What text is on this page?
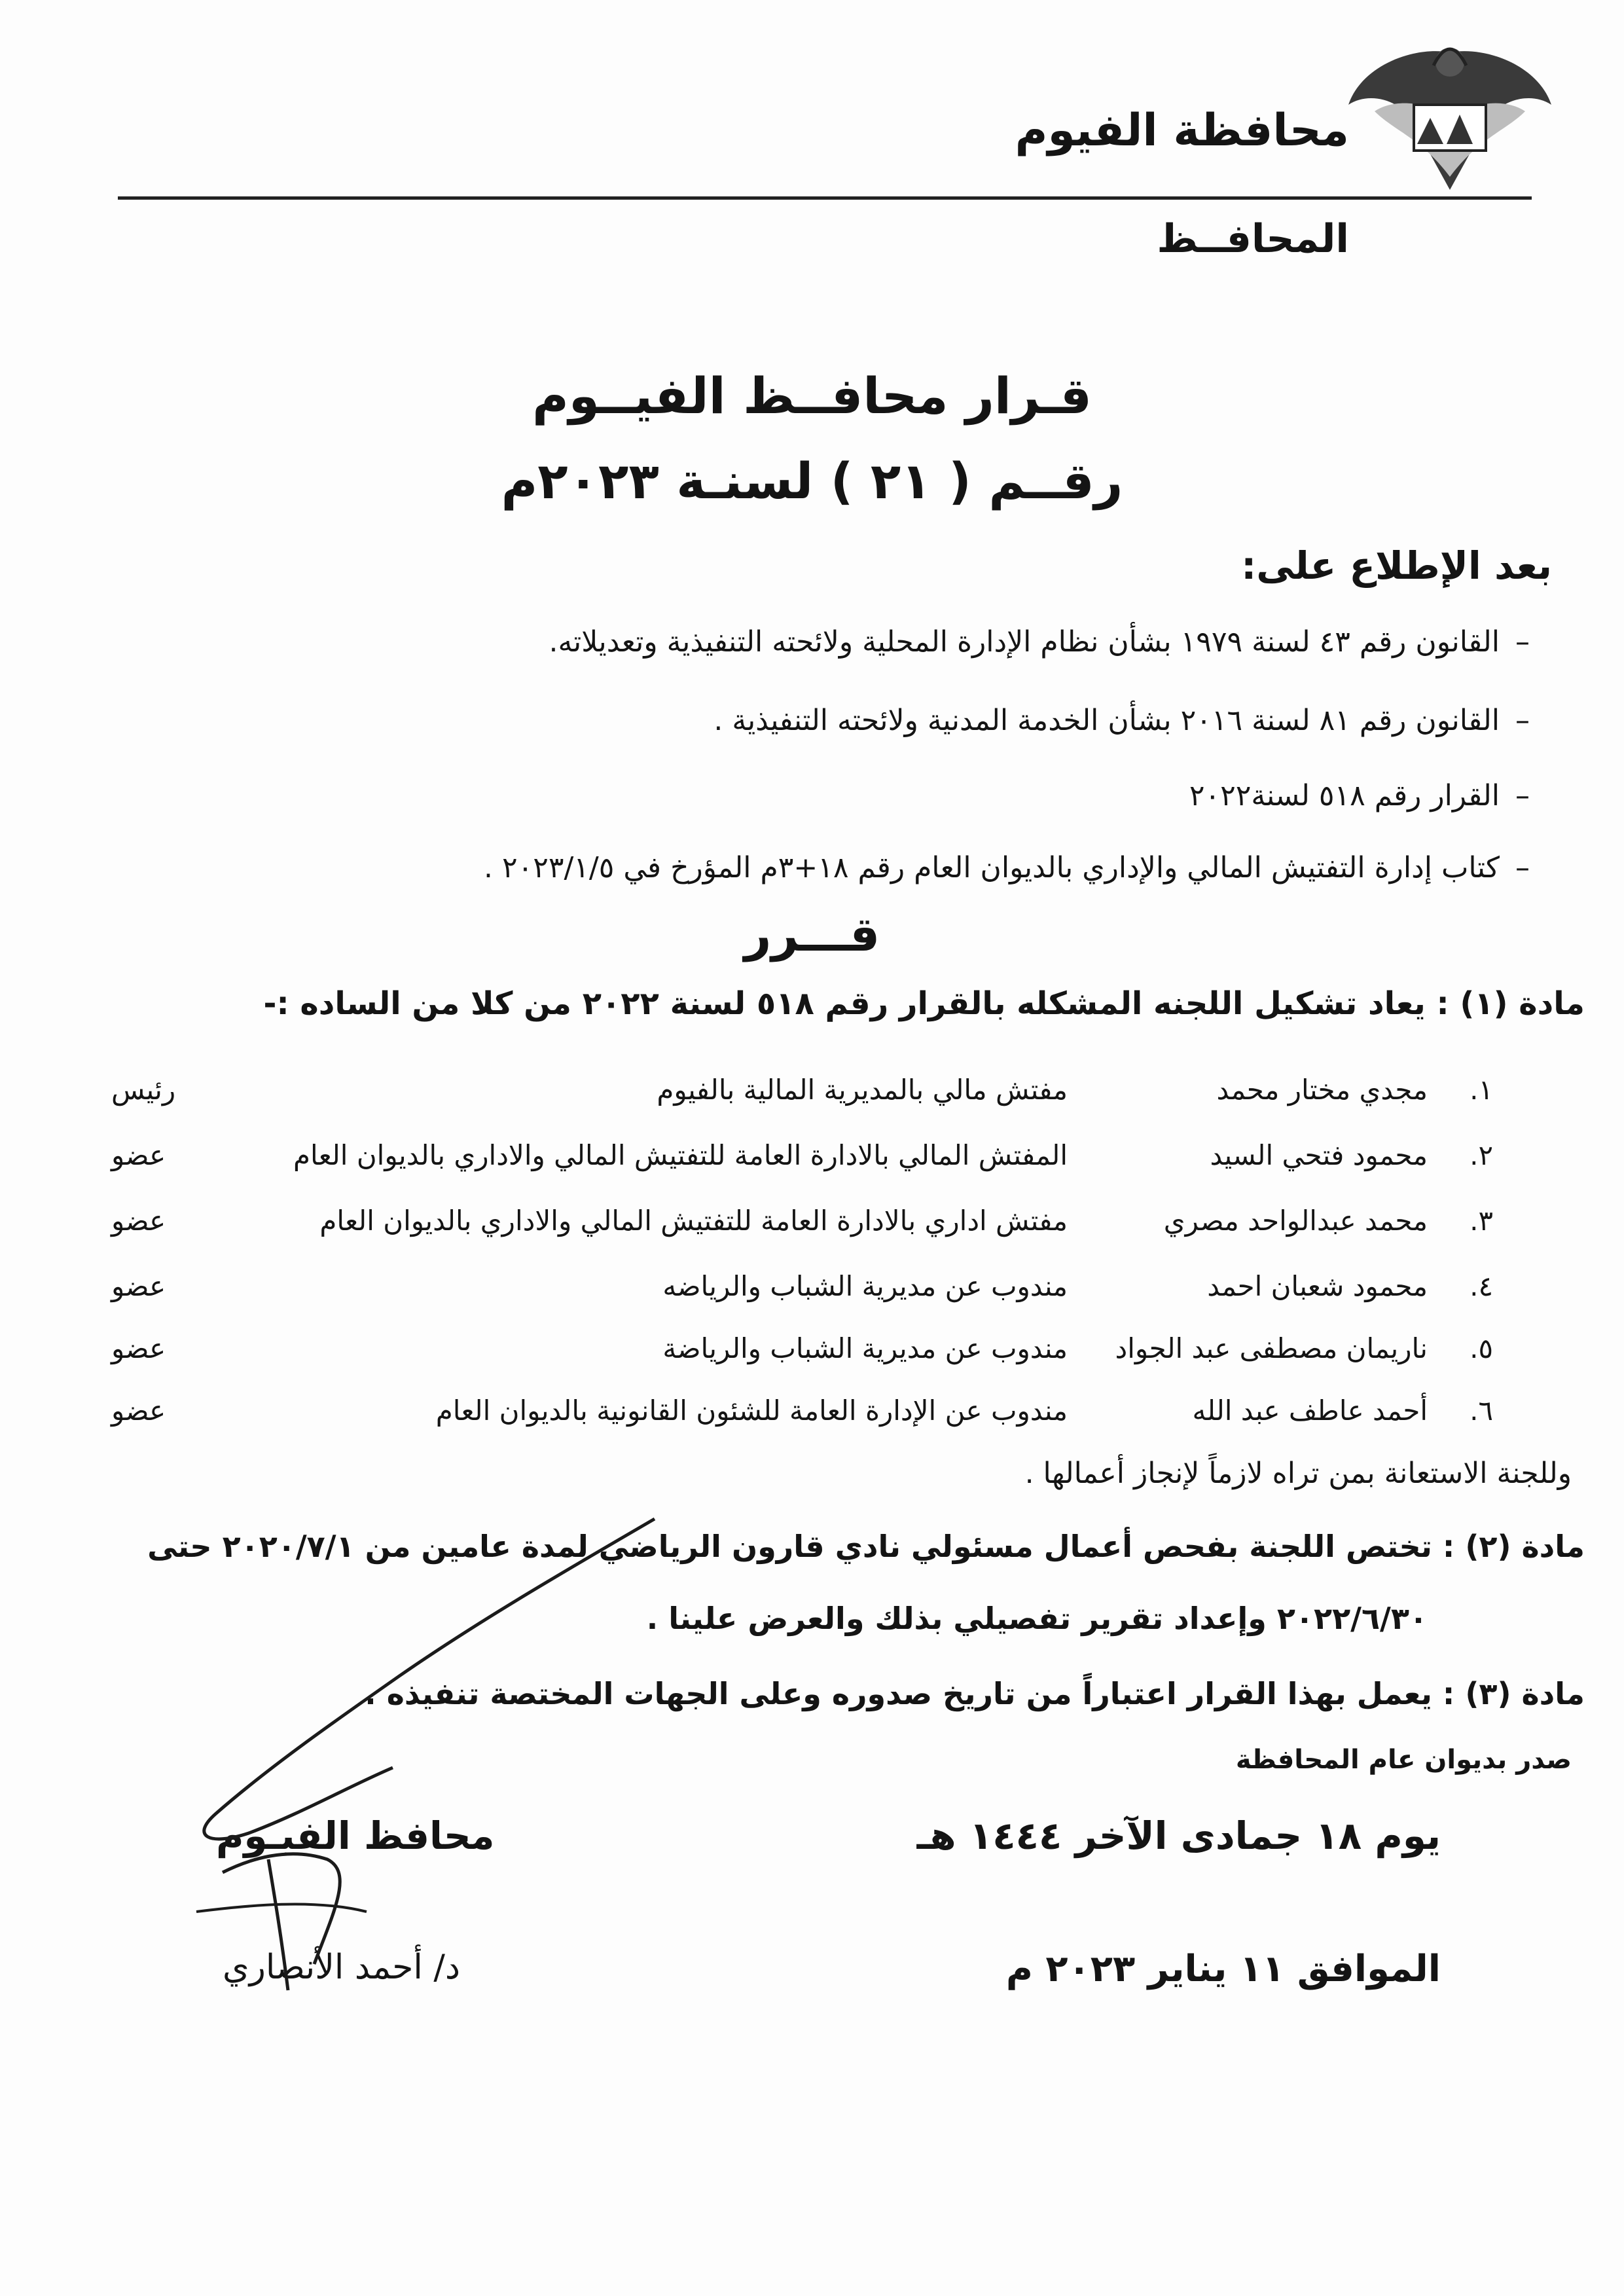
محافظة الفيوم
المحافــظ
قـرار محافــظ الفيــوم
رقــم ( ٢١ ) لسنـة ٢٠٢٣م
بعد الإطلاع على:
–القانون رقم ٤٣ لسنة ١٩٧٩ بشأن نظام الإدارة المحلية ولائحته التنفيذية وتعديلاته.
–القانون رقم ٨١ لسنة ٢٠١٦ بشأن الخدمة المدنية ولائحته التنفيذية .
–القرار رقم ٥١٨ لسنة٢٠٢٢
–كتاب إدارة التفتيش المالي والإداري بالديوان العام رقم ١٨+٣م المؤرخ في ٢٠٢٣/١/٥ .
قـــرر
مادة (١) : يعاد تشكيل اللجنه المشكله بالقرار رقم ٥١٨ لسنة ٢٠٢٢ من كلا من الساده :-
١.
مجدي مختار محمد
مفتش مالي بالمديرية المالية بالفيوم
رئيس
٢.
محمود فتحي السيد
المفتش المالي بالادارة العامة للتفتيش المالي والاداري بالديوان العام
عضو
٣.
محمد عبدالواحد مصري
مفتش اداري بالادارة العامة للتفتيش المالي والاداري بالديوان العام
عضو
٤.
محمود شعبان احمد
مندوب عن مديرية الشباب والرياضه
عضو
٥.
ناريمان مصطفى عبد الجواد
مندوب عن مديرية الشباب والرياضة
عضو
٦.
أحمد عاطف عبد الله
مندوب عن الإدارة العامة للشئون القانونية بالديوان العام
عضو
وللجنة الاستعانة بمن تراه لازماً لإنجاز أعمالها .
مادة (٢) : تختص اللجنة بفحص أعمال مسئولي نادي قارون الرياضي لمدة عامين من ٢٠٢٠/٧/١ حتى
٢٠٢٢/٦/٣٠ وإعداد تقرير تفصيلي بذلك والعرض علينا .
مادة (٣) : يعمل بهذا القرار اعتباراً من تاريخ صدوره وعلى الجهات المختصة تنفيذه .
صدر بديوان عام المحافظة
يوم ١٨ جمادى الآخر ١٤٤٤ هـ
الموافق ١١ يناير ٢٠٢٣ م
محافظ الفيـوم
د/ أحمد الأنصاري
